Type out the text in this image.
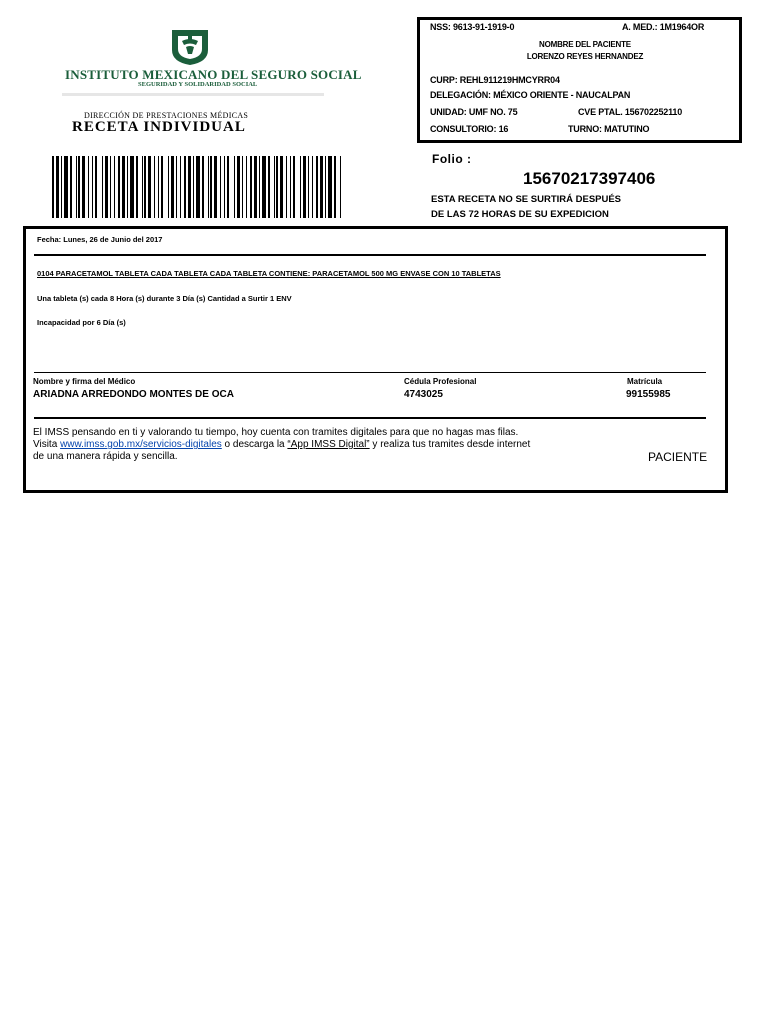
INSTITUTO MEXICANO DEL SEGURO SOCIAL
SEGURIDAD Y SOLIDARIDAD SOCIAL
DIRECCIÓN DE PRESTACIONES MÉDICAS
RECETA INDIVIDUAL
NSS: 9613-91-1919-0	A. MED.: 1M1964OR
NOMBRE DEL PACIENTE
LORENZO REYES HERNANDEZ
CURP: REHL911219HMCYRR04
DELEGACIÓN: MÉXICO ORIENTE - NAUCALPAN
UNIDAD: UMF NO. 75	CVE PTAL. 156702252110
CONSULTORIO: 16	TURNO: MATUTINO
Folio :
15670217397406
ESTA RECETA NO SE SURTIRÁ DESPUÉS
DE LAS 72 HORAS DE SU EXPEDICION
Fecha: Lunes, 26 de Junio del 2017
0104 PARACETAMOL TABLETA CADA TABLETA CADA TABLETA CONTIENE: PARACETAMOL 500 MG ENVASE CON 10 TABLETAS
Una tableta (s) cada 8 Hora (s) durante 3 Día (s) Cantidad a Surtir 1 ENV
Incapacidad por 6 Día (s)
Nombre y firma del Médico
ARIADNA ARREDONDO MONTES DE OCA
Cédula Profesional
4743025
Matrícula
99155985
El IMSS pensando en ti y valorando tu tiempo, hoy cuenta con tramites digitales para que no hagas mas filas.
Visita www.imss.gob.mx/servicios-digitales o descarga la “App IMSS Digital” y realiza tus tramites desde internet
de una manera rápida y sencilla.	PACIENTE
